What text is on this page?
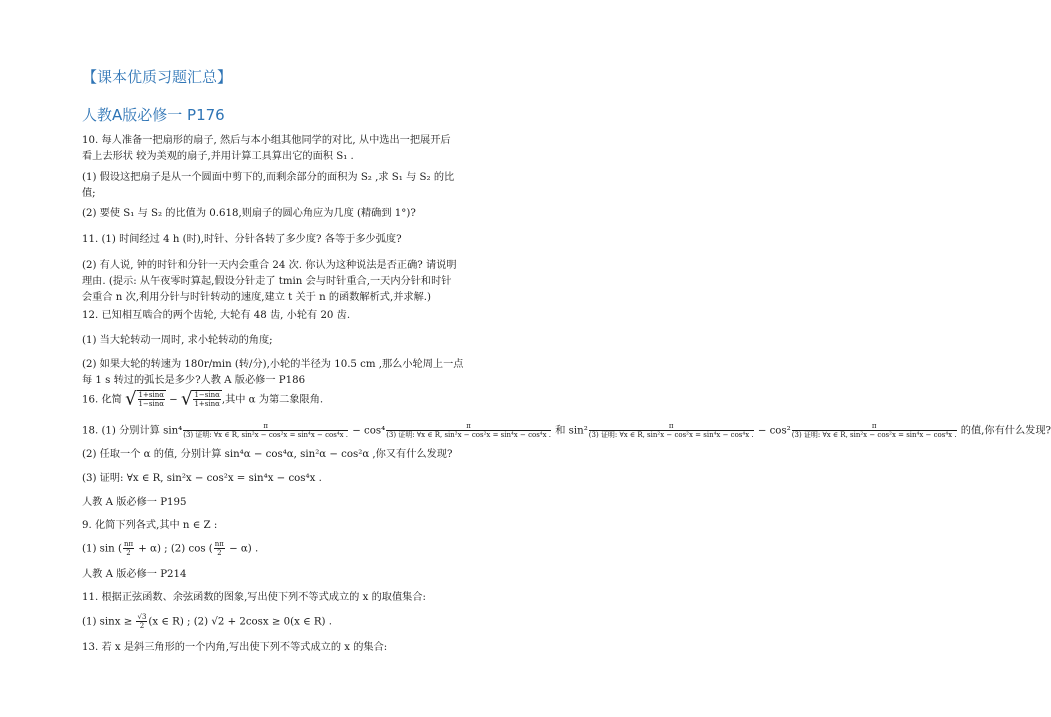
【课本优质习题汇总】
人教A版必修一 P176
10. 每人准备一把扇形的扇子, 然后与本小组其他同学的对比, 从中选出一把展开后
看上去形状 较为美观的扇子,并用计算工具算出它的面积 S₁ .
(1) 假设这把扇子是从一个圆面中剪下的,而剩余部分的面积为 S₂ ,求 S₁ 与 S₂ 的比
值;
(2) 要使 S₁ 与 S₂ 的比值为 0.618,则扇子的圆心角应为几度 (精确到 1°)?
11. (1) 时间经过 4 h (时),时针、分针各转了多少度? 各等于多少弧度?
(2) 有人说, 钟的时针和分针一天内会重合 24 次. 你认为这种说法是否正确? 请说明
理由. (提示: 从午夜零时算起,假设分针走了 tmin 会与时针重合,一天内分针和时针
会重合 n 次,利用分针与时针转动的速度,建立 t 关于 n 的函数解析式,并求解.)
12. 已知相互啮合的两个齿轮, 大轮有 48 齿, 小轮有 20 齿.
(1) 当大轮转动一周时, 求小轮转动的角度;
(2) 如果大轮的转速为 180r/min (转/分),小轮的半径为 10.5 cm ,那么小轮周上一点
每 1 s 转过的弧长是多少?人教 A 版必修一 P186
16. 化简 √ $\frac{1+\sin\alpha}{1-\sin\alpha}$ − √ $\frac{1-\sin\alpha}{1+\sin\alpha}$ ,其中 α 为第二象限角.
18. (1) 分别计算 $\sin^4 \frac{\pi}{\text{(3) 证明: ∀x ∈ R, sin²x − cos²x = sin⁴x − cos⁴x .}} - \cos^4 \frac{\pi}{\text{(3) 证明: ∀x ∈ R, sin²x − cos²x = sin⁴x − cos⁴x .}}$ 和 $\sin^2 \frac{\pi}{\text{(3) 证明: ∀x ∈ R, sin²x − cos²x = sin⁴x − cos⁴x .}} - \cos^2 \frac{\pi}{\text{(3) 证明: ∀x ∈ R, sin²x − cos²x = sin⁴x − cos⁴x .}}$ 的值,你有什么发现?
(2) 任取一个 α 的值, 分别计算 sin⁴α − cos⁴α, sin²α − cos²α ,你又有什么发现?
(3) 证明: ∀x ∈ R, sin²x − cos²x = sin⁴x − cos⁴x .
人教 A 版必修一 P195
9. 化简下列各式,其中 n ∈ Z :
(1) sin ( $\frac{n\pi}{2} + \alpha$) ; (2) cos ( $\frac{n\pi}{2} - \alpha$) .
人教 A 版必修一 P214
11. 根据正弦函数、余弦函数的图象,写出使下列不等式成立的 x 的取值集合:
(1) $\sin x \ge \frac{√3}{2} (x$ ∈ R) ; (2) √2 + 2cosx ≥ 0(x ∈ R) .
13. 若 x 是斜三角形的一个内角,写出使下列不等式成立的 x 的集合:
